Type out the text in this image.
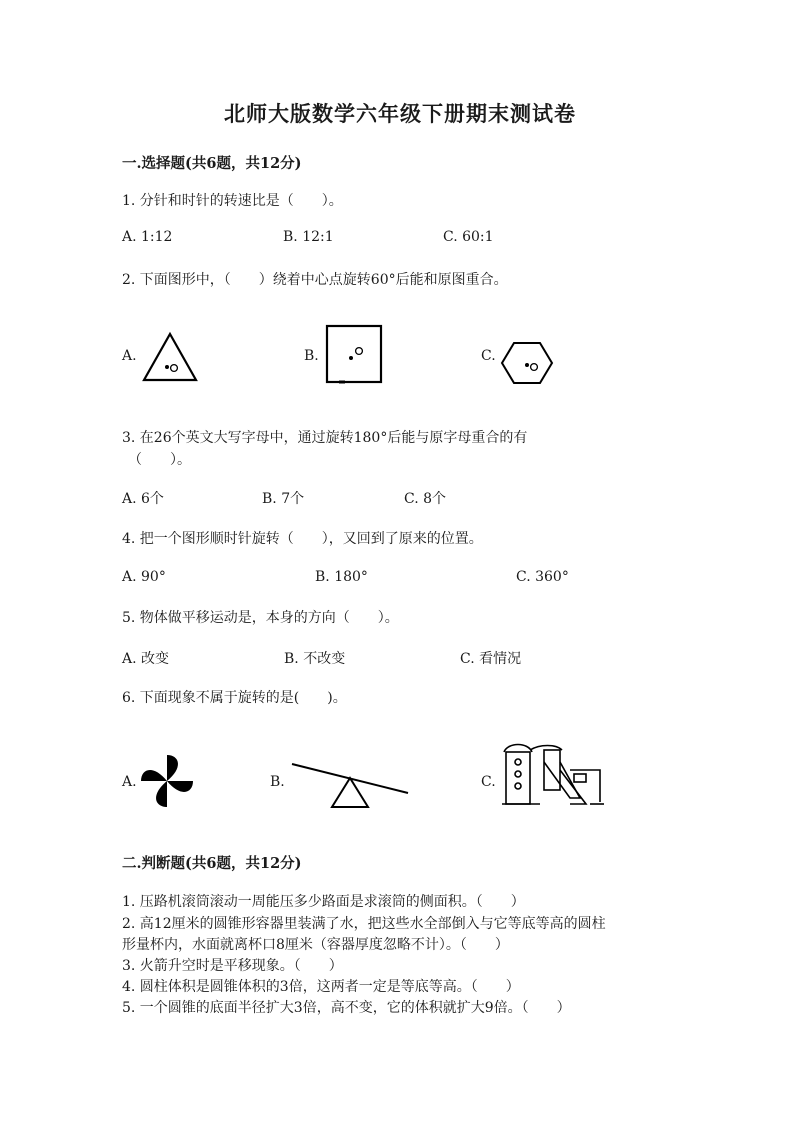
北师大版数学六年级下册期末测试卷
一.选择题(共6题，共12分)
1. 分针和时针的转速比是（　　）。
A. 1:12	B. 12:1	C. 60:1
2. 下面图形中，（　　）绕着中心点旋转60°后能和原图重合。
A.	B.	C.
3. 在26个英文大写字母中，通过旋转180°后能与原字母重合的有
（　　）。
A. 6个	B. 7个	C. 8个
4. 把一个图形顺时针旋转（　　），又回到了原来的位置。
A. 90°	B. 180°	C. 360°
5. 物体做平移运动是，本身的方向（　　）。
A. 改变	B. 不改变	C. 看情况
6. 下面现象不属于旋转的是(　　)。
A.	B.	C.
二.判断题(共6题，共12分)
1. 压路机滚筒滚动一周能压多少路面是求滚筒的侧面积。（　　）
2. 高12厘米的圆锥形容器里装满了水，把这些水全部倒入与它等底等高的圆柱
形量杯内，水面就离杯口8厘米（容器厚度忽略不计）。（　　）
3. 火箭升空时是平移现象。（　　）
4. 圆柱体积是圆锥体积的3倍，这两者一定是等底等高。（　　）
5. 一个圆锥的底面半径扩大3倍，高不变，它的体积就扩大9倍。（　　）
